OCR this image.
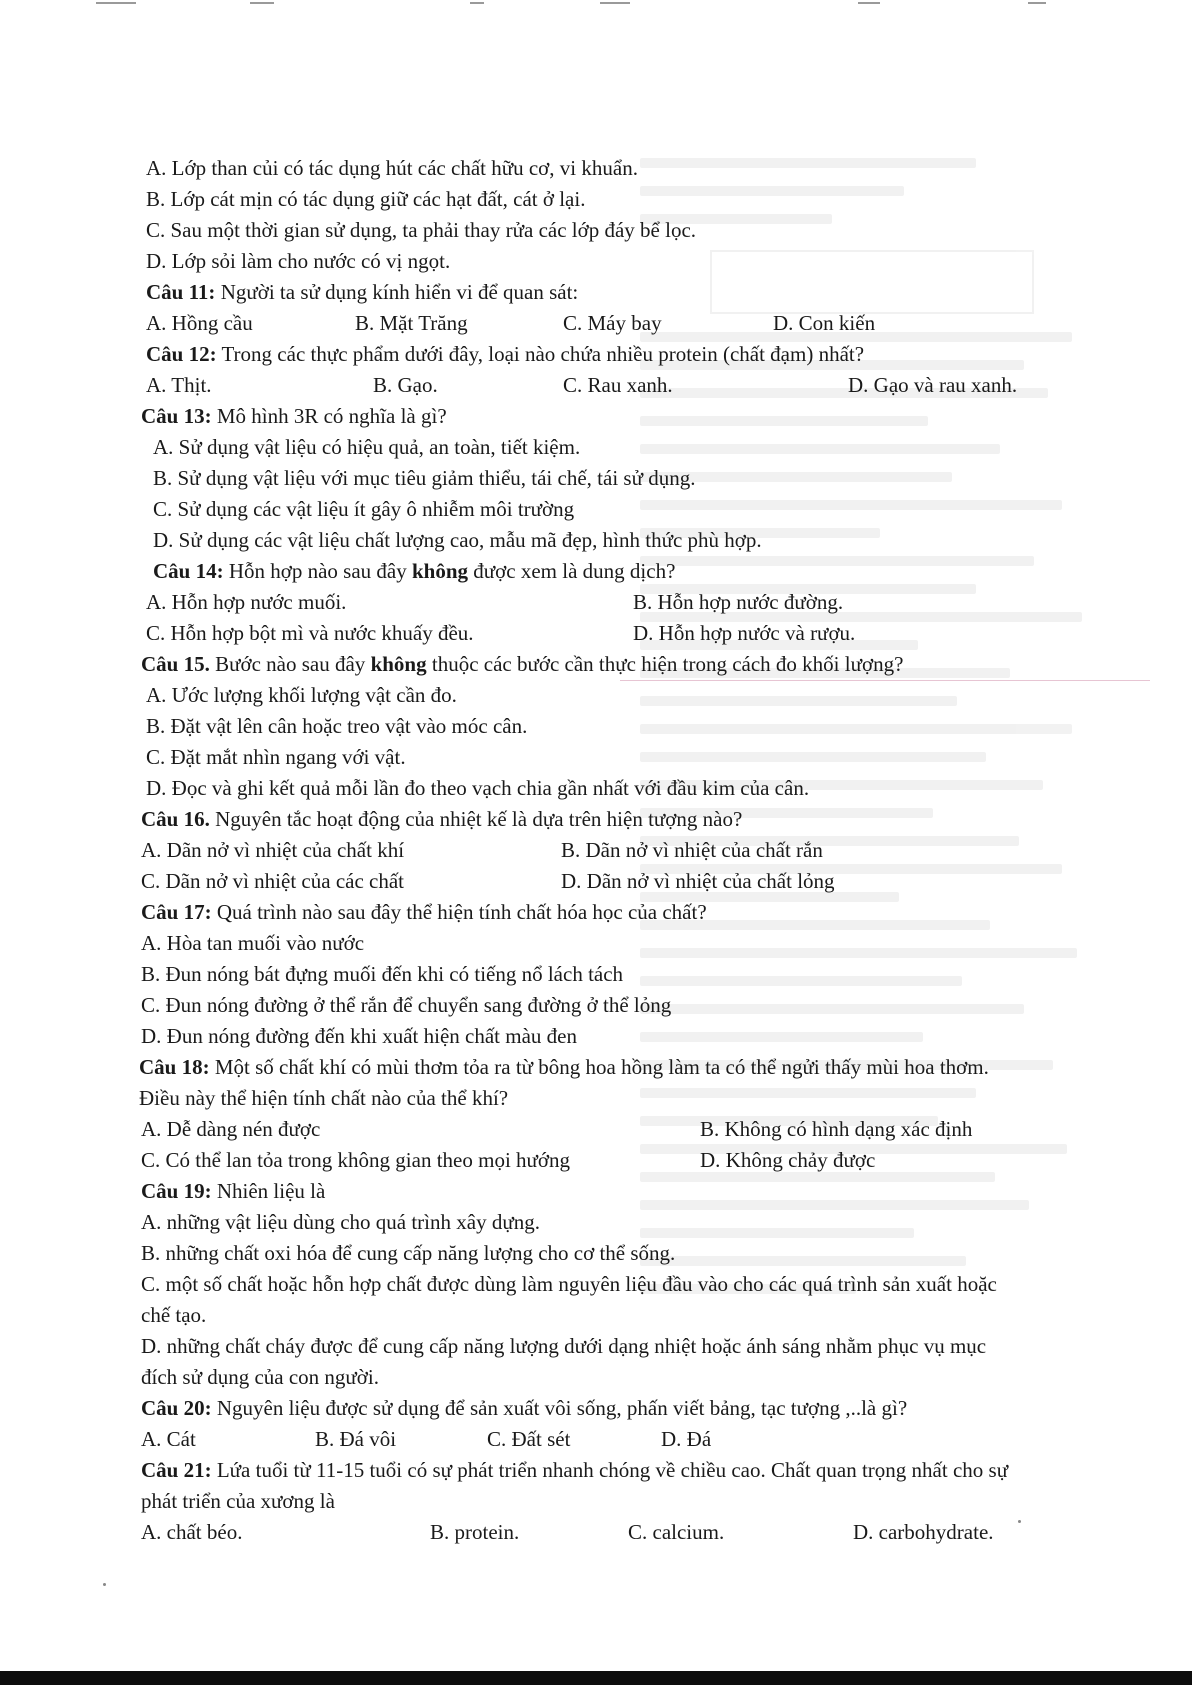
A. Lớp than củi có tác dụng hút các chất hữu cơ, vi khuẩn.
B. Lớp cát mịn có tác dụng giữ các hạt đất, cát ở lại.
C. Sau một thời gian sử dụng, ta phải thay rửa các lớp đáy bể lọc.
D. Lớp sỏi làm cho nước có vị ngọt.
Câu 11: Người ta sử dụng kính hiển vi để quan sát:
A. Hồng cầu	B. Mặt Trăng	C. Máy bay	D. Con kiến
Câu 12: Trong các thực phẩm dưới đây, loại nào chứa nhiều protein (chất đạm) nhất?
A. Thịt.	B. Gạo.	C. Rau xanh.	D. Gạo và rau xanh.
Câu 13: Mô hình 3R có nghĩa là gì?
A. Sử dụng vật liệu có hiệu quả, an toàn, tiết kiệm.
B. Sử dụng vật liệu với mục tiêu giảm thiểu, tái chế, tái sử dụng.
C. Sử dụng các vật liệu ít gây ô nhiễm môi trường
D. Sử dụng các vật liệu chất lượng cao, mẫu mã đẹp, hình thức phù hợp.
Câu 14: Hỗn hợp nào sau đây không được xem là dung dịch?
A. Hỗn hợp nước muối.	B. Hỗn hợp nước đường.
C. Hỗn hợp bột mì và nước khuấy đều.	D. Hỗn hợp nước và rượu.
Câu 15. Bước nào sau đây không thuộc các bước cần thực hiện trong cách đo khối lượng?
A. Ước lượng khối lượng vật cần đo.
B. Đặt vật lên cân hoặc treo vật vào móc cân.
C. Đặt mắt nhìn ngang với vật.
D. Đọc và ghi kết quả mỗi lần đo theo vạch chia gần nhất với đầu kim của cân.
Câu 16. Nguyên tắc hoạt động của nhiệt kế là dựa trên hiện tượng nào?
A. Dãn nở vì nhiệt của chất khí	B. Dãn nở vì nhiệt của chất rắn
C. Dãn nở vì nhiệt của các chất	D. Dãn nở vì nhiệt của chất lỏng
Câu 17: Quá trình nào sau đây thể hiện tính chất hóa học của chất?
A. Hòa tan muối vào nước
B. Đun nóng bát đựng muối đến khi có tiếng nổ lách tách
C. Đun nóng đường ở thể rắn để chuyển sang đường ở thể lỏng
D. Đun nóng đường đến khi xuất hiện chất màu đen
Câu 18: Một số chất khí có mùi thơm tỏa ra từ bông hoa hồng làm ta có thể ngửi thấy mùi hoa thơm.
Điều này thể hiện tính chất nào của thể khí?
A. Dễ dàng nén được	B. Không có hình dạng xác định
C. Có thể lan tỏa trong không gian theo mọi hướng	D. Không chảy được
Câu 19: Nhiên liệu là
A. những vật liệu dùng cho quá trình xây dựng.
B. những chất oxi hóa để cung cấp năng lượng cho cơ thể sống.
C. một số chất hoặc hỗn hợp chất được dùng làm nguyên liệu đầu vào cho các quá trình sản xuất hoặc
chế tạo.
D. những chất cháy được để cung cấp năng lượng dưới dạng nhiệt hoặc ánh sáng nhằm phục vụ mục
đích sử dụng của con người.
Câu 20: Nguyên liệu được sử dụng để sản xuất vôi sống, phấn viết bảng, tạc tượng ,..là gì?
A. Cát	B. Đá vôi	C. Đất sét	D. Đá
Câu 21: Lứa tuổi từ 11-15 tuổi có sự phát triển nhanh chóng về chiều cao. Chất quan trọng nhất cho sự
phát triển của xương là
A. chất béo.	B. protein.	C. calcium.	D. carbohydrate.
